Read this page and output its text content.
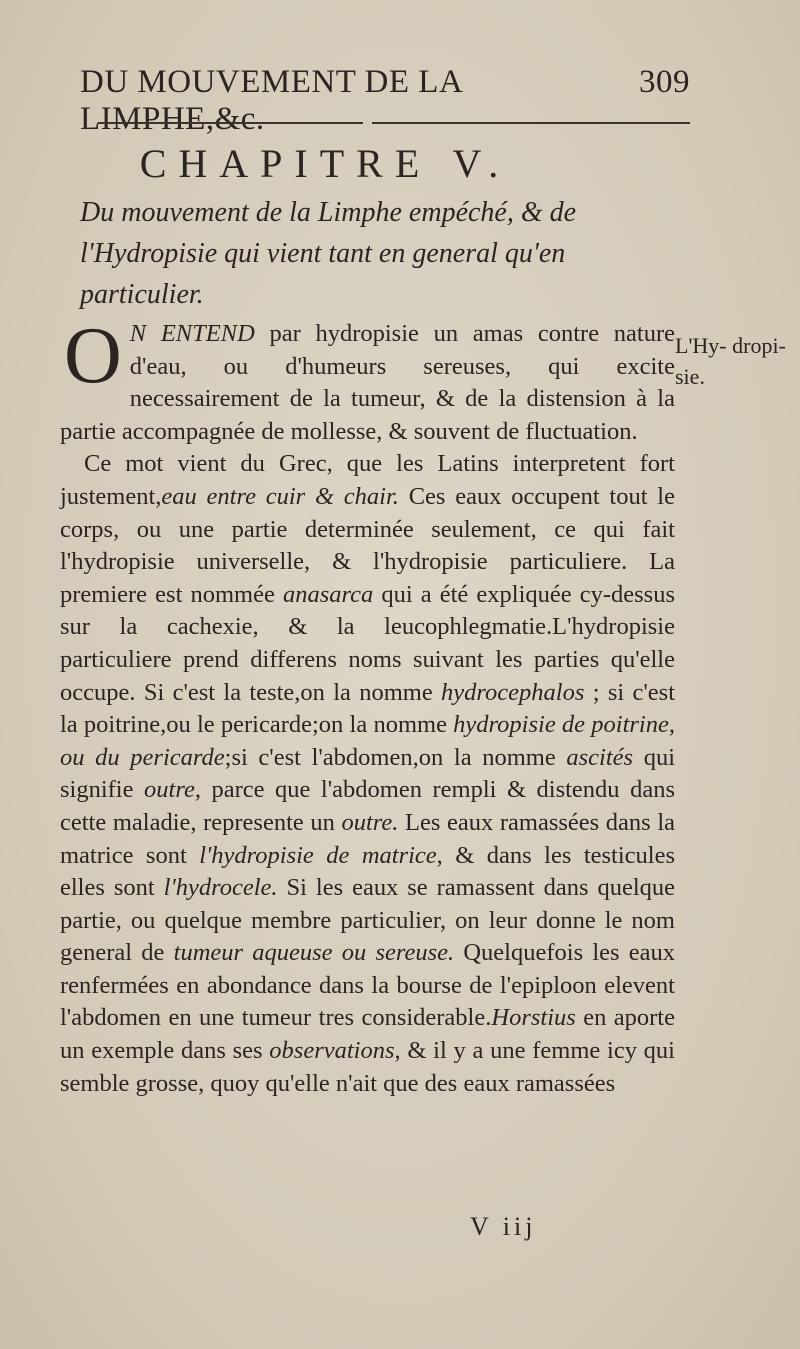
DU MOUVEMENT DE LA LIMPHE,&c.
309
CHAPITRE V.
Du mouvement de la Limphe empéché, & de l'Hydropisie qui vient tant en general qu'en particulier.
L'Hy- dropi- sie.

O N ENTEND par hydropisie un amas contre nature d'eau, ou d'humeurs sereuses, qui excite necessairement de la tumeur, & de la distension à la partie accompagnée de mollesse, & souvent de fluctuation.

Ce mot vient du Grec, que les Latins interpretent fort justement,eau entre cuir & chair. Ces eaux occupent tout le corps, ou une partie determinée seulement, ce qui fait l'hydropisie universelle, & l'hydropisie particuliere. La premiere est nommée anasarca qui a été expliquée cy-dessus sur la cachexie, & la leucophlegmatie.L'hydropisie particuliere prend differens noms suivant les parties qu'elle occupe. Si c'est la teste,on la nomme hydrocephalos ; si c'est la poitrine,ou le pericarde;on la nomme hydropisie de poitrine, ou du pericarde;si c'est l'abdomen,on la nomme ascités qui signifie outre, parce que l'abdomen rempli & distendu dans cette maladie, represente un outre. Les eaux ramassées dans la matrice sont l'hydropisie de matrice, & dans les testicules elles sont l'hydrocele. Si les eaux se ramassent dans quelque partie, ou quelque membre particulier, on leur donne le nom general de tumeur aqueuse ou sereuse. Quelquefois les eaux renfermées en abondance dans la bourse de l'epiploon elevent l'abdomen en une tumeur tres considerable.Horstius en aporte un exemple dans ses observations, & il y a une femme icy qui semble grosse, quoy qu'elle n'ait que des eaux ramassées

V iij
